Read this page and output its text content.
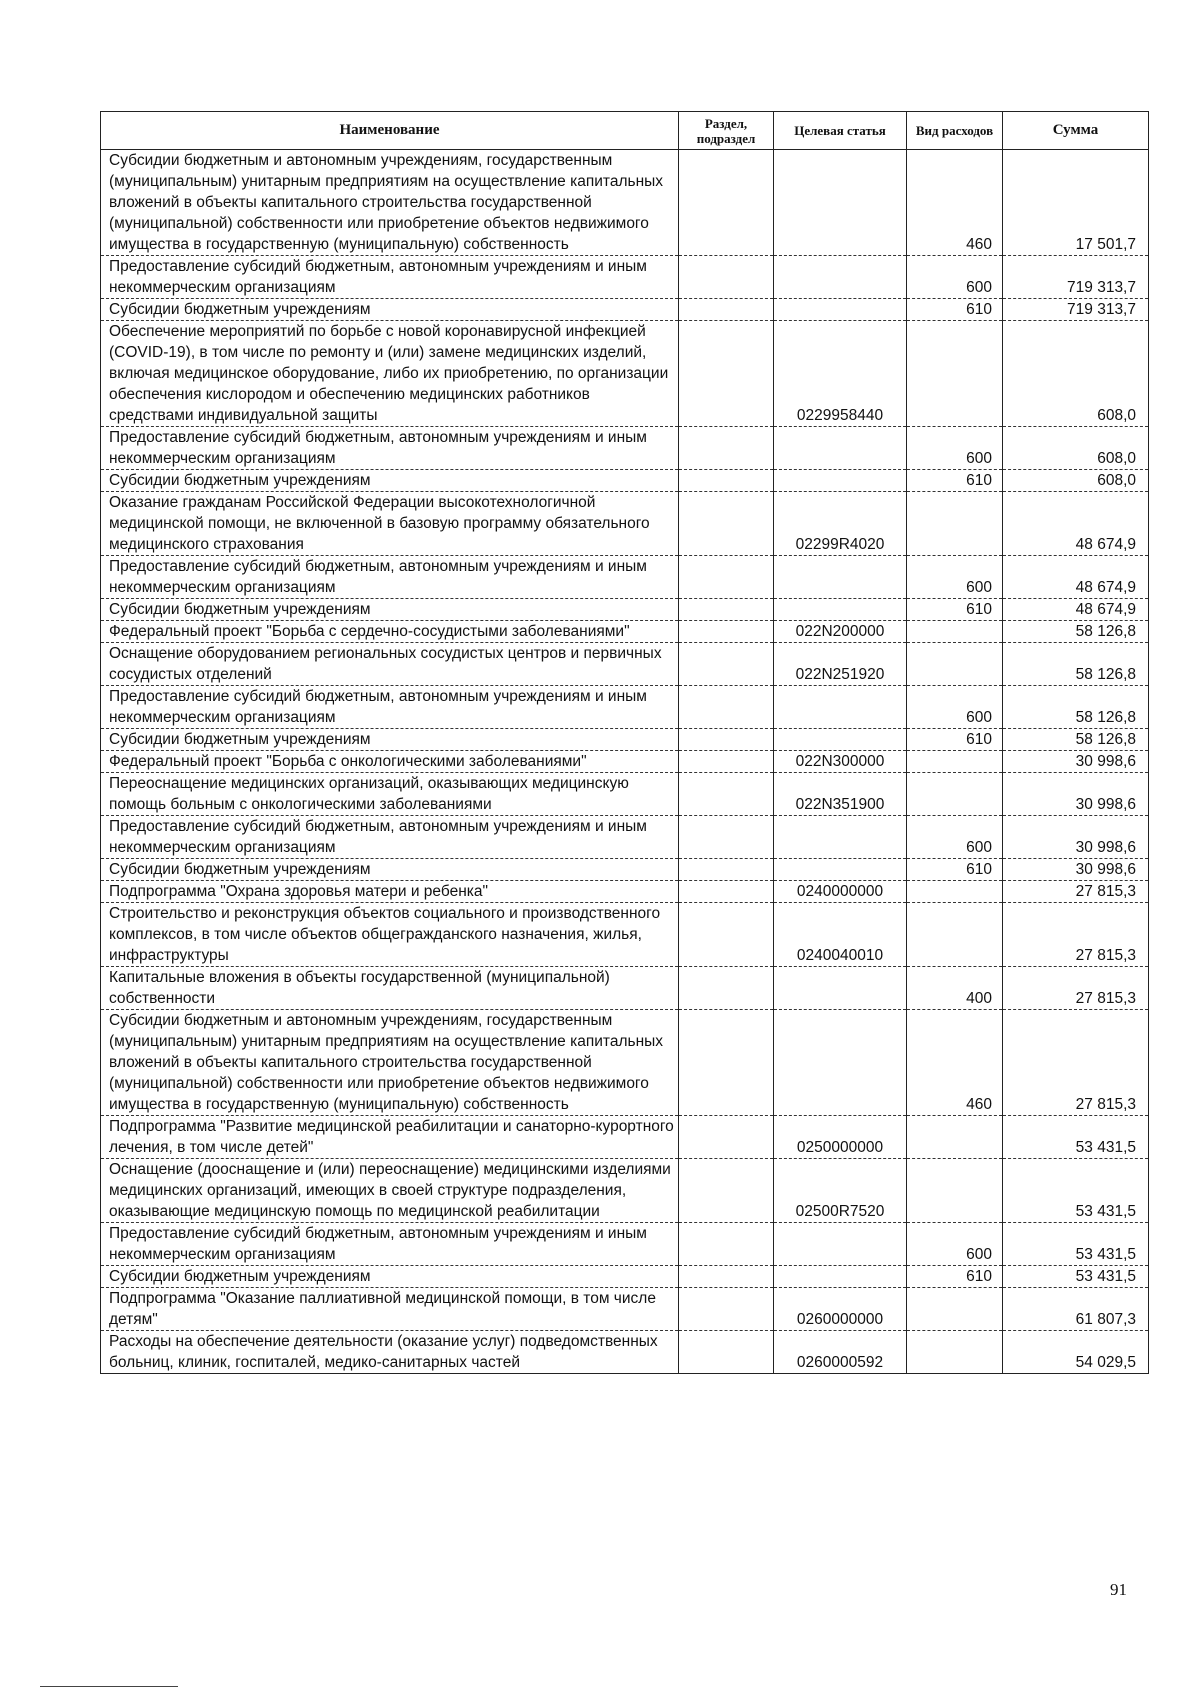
Наименование	Раздел, подраздел	Целевая статья	Вид расходов	Сумма
Субсидии бюджетным и автономным учреждениям, государственным (муниципальным) унитарным предприятиям на осуществление капитальных вложений в объекты капитального строительства государственной (муниципальной) собственности или приобретение объектов недвижимого имущества в государственную (муниципальную) собственность			460	17 501,7
Предоставление субсидий бюджетным, автономным учреждениям и иным некоммерческим организациям			600	719 313,7
Субсидии бюджетным учреждениям			610	719 313,7
Обеспечение мероприятий по борьбе с новой коронавирусной инфекцией (COVID-19), в том числе по ремонту и (или) замене медицинских изделий, включая медицинское оборудование, либо их приобретению, по организации обеспечения кислородом и обеспечению медицинских работников средствами индивидуальной защиты		0229958440		608,0
Предоставление субсидий бюджетным, автономным учреждениям и иным некоммерческим организациям			600	608,0
Субсидии бюджетным учреждениям			610	608,0
Оказание гражданам Российской Федерации высокотехнологичной медицинской помощи, не включенной в базовую программу обязательного медицинского страхования		02299R4020		48 674,9
Предоставление субсидий бюджетным, автономным учреждениям и иным некоммерческим организациям			600	48 674,9
Субсидии бюджетным учреждениям			610	48 674,9
Федеральный проект "Борьба с сердечно-сосудистыми заболеваниями"		022N200000		58 126,8
Оснащение оборудованием региональных сосудистых центров и первичных сосудистых отделений		022N251920		58 126,8
Предоставление субсидий бюджетным, автономным учреждениям и иным некоммерческим организациям			600	58 126,8
Субсидии бюджетным учреждениям			610	58 126,8
Федеральный проект "Борьба с онкологическими заболеваниями"		022N300000		30 998,6
Переоснащение медицинских организаций, оказывающих медицинскую помощь больным с онкологическими заболеваниями		022N351900		30 998,6
Предоставление субсидий бюджетным, автономным учреждениям и иным некоммерческим организациям			600	30 998,6
Субсидии бюджетным учреждениям			610	30 998,6
Подпрограмма "Охрана здоровья матери и ребенка"		0240000000		27 815,3
Строительство и реконструкция объектов социального и производственного комплексов, в том числе объектов общегражданского назначения, жилья, инфраструктуры		0240040010		27 815,3
Капитальные вложения в объекты государственной (муниципальной) собственности			400	27 815,3
Субсидии бюджетным и автономным учреждениям, государственным (муниципальным) унитарным предприятиям на осуществление капитальных вложений в объекты капитального строительства государственной (муниципальной) собственности или приобретение объектов недвижимого имущества в государственную (муниципальную) собственность			460	27 815,3
Подпрограмма "Развитие медицинской реабилитации и санаторно-курортного лечения, в том числе детей"		0250000000		53 431,5
Оснащение (дооснащение и (или) переоснащение) медицинскими изделиями медицинских организаций, имеющих в своей структуре подразделения, оказывающие медицинскую помощь по медицинской реабилитации		02500R7520		53 431,5
Предоставление субсидий бюджетным, автономным учреждениям и иным некоммерческим организациям			600	53 431,5
Субсидии бюджетным учреждениям			610	53 431,5
Подпрограмма "Оказание паллиативной медицинской помощи, в том числе детям"		0260000000		61 807,3
Расходы на обеспечение деятельности (оказание услуг) подведомственных больниц, клиник, госпиталей, медико-санитарных частей		0260000592		54 029,5
91
